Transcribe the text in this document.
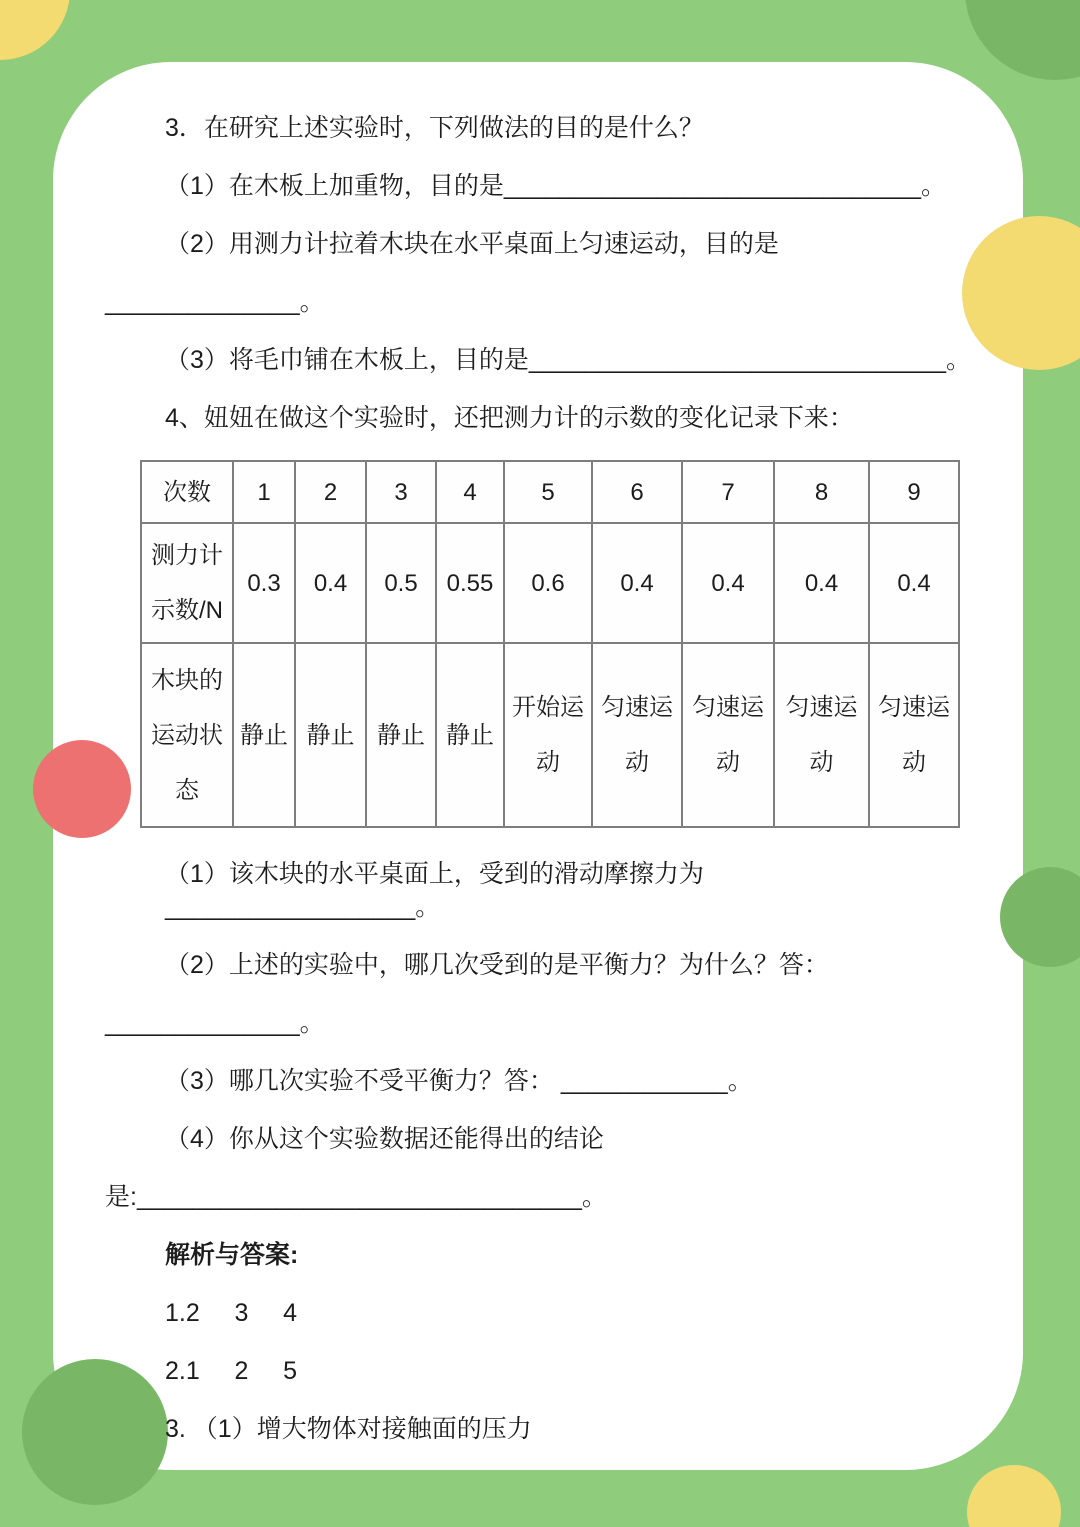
3．在研究上述实验时，下列做法的目的是什么？

（1）在木板上加重物，目的是______________________________。

（2）用测力计拉着木块在水平桌面上匀速运动，目的是

______________。

（3）将毛巾铺在木板上，目的是______________________________。

4、妞妞在做这个实验时，还把测力计的示数的变化记录下来：

次数	1	2	3	4	5	6	7	8	9
测力计示数/N	0.3	0.4	0.5	0.55	0.6	0.4	0.4	0.4	0.4
木块的运动状态	静止	静止	静止	静止	开始运动	匀速运动	匀速运动	匀速运动	匀速运动

（1）该木块的水平桌面上，受到的滑动摩擦力为__________________。

（2）上述的实验中，哪几次受到的是平衡力？为什么？答：

______________。

（3）哪几次实验不受平衡力？答： ____________。

（4）你从这个实验数据还能得出的结论

是:________________________________。

解析与答案:

1.2     3     4

2.1     2     5

3. （1）增大物体对接触面的压力
